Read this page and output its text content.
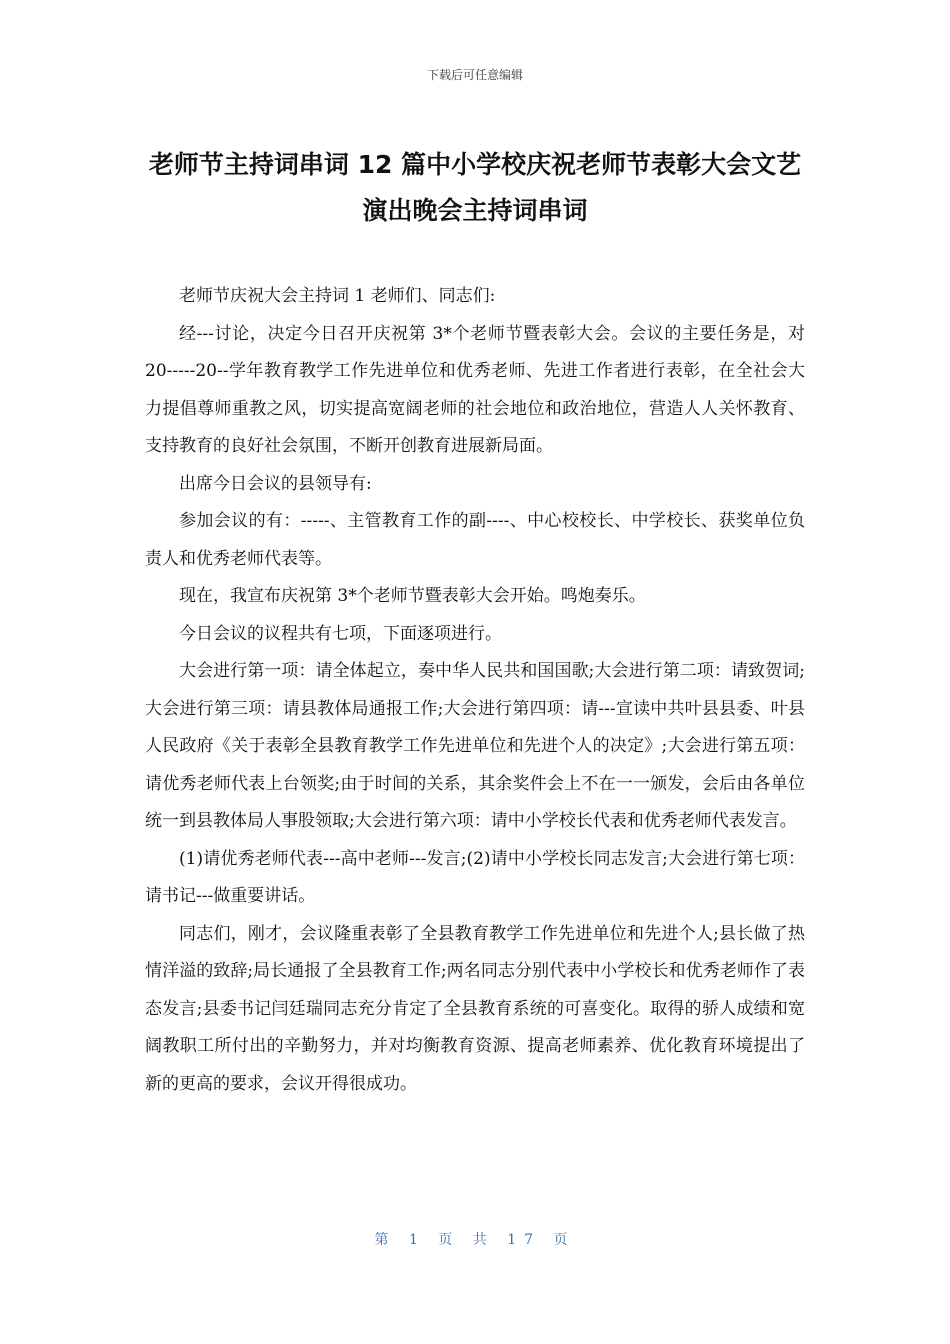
下载后可任意编辑
老师节主持词串词 12 篇中小学校庆祝老师节表彰大会文艺
演出晚会主持词串词

老师节庆祝大会主持词 1 老师们、同志们:

经---讨论，决定今日召开庆祝第 3*个老师节暨表彰大会。会议的主要任务是，对 20-----20--学年教育教学工作先进单位和优秀老师、先进工作者进行表彰，在全社会大力提倡尊师重教之风，切实提高宽阔老师的社会地位和政治地位，营造人人关怀教育、支持教育的良好社会氛围，不断开创教育进展新局面。

出席今日会议的县领导有:

参加会议的有：-----、主管教育工作的副----、中心校校长、中学校长、获奖单位负责人和优秀老师代表等。

现在，我宣布庆祝第 3*个老师节暨表彰大会开始。鸣炮奏乐。

今日会议的议程共有七项，下面逐项进行。

大会进行第一项：请全体起立，奏中华人民共和国国歌;大会进行第二项：请致贺词;大会进行第三项：请县教体局通报工作;大会进行第四项：请---宣读中共叶县县委、叶县人民政府《关于表彰全县教育教学工作先进单位和先进个人的决定》;大会进行第五项：请优秀老师代表上台领奖;由于时间的关系，其余奖件会上不在一一颁发，会后由各单位统一到县教体局人事股领取;大会进行第六项：请中小学校长代表和优秀老师代表发言。

(1)请优秀老师代表---高中老师---发言;(2)请中小学校长同志发言;大会进行第七项：请书记---做重要讲话。

同志们，刚才，会议隆重表彰了全县教育教学工作先进单位和先进个人;县长做了热情洋溢的致辞;局长通报了全县教育工作;两名同志分别代表中小学校长和优秀老师作了表态发言;县委书记闫廷瑞同志充分肯定了全县教育系统的可喜变化。取得的骄人成绩和宽阔教职工所付出的辛勤努力，并对均衡教育资源、提高老师素养、优化教育环境提出了新的更高的要求，会议开得很成功。

第 1 页 共 17 页
